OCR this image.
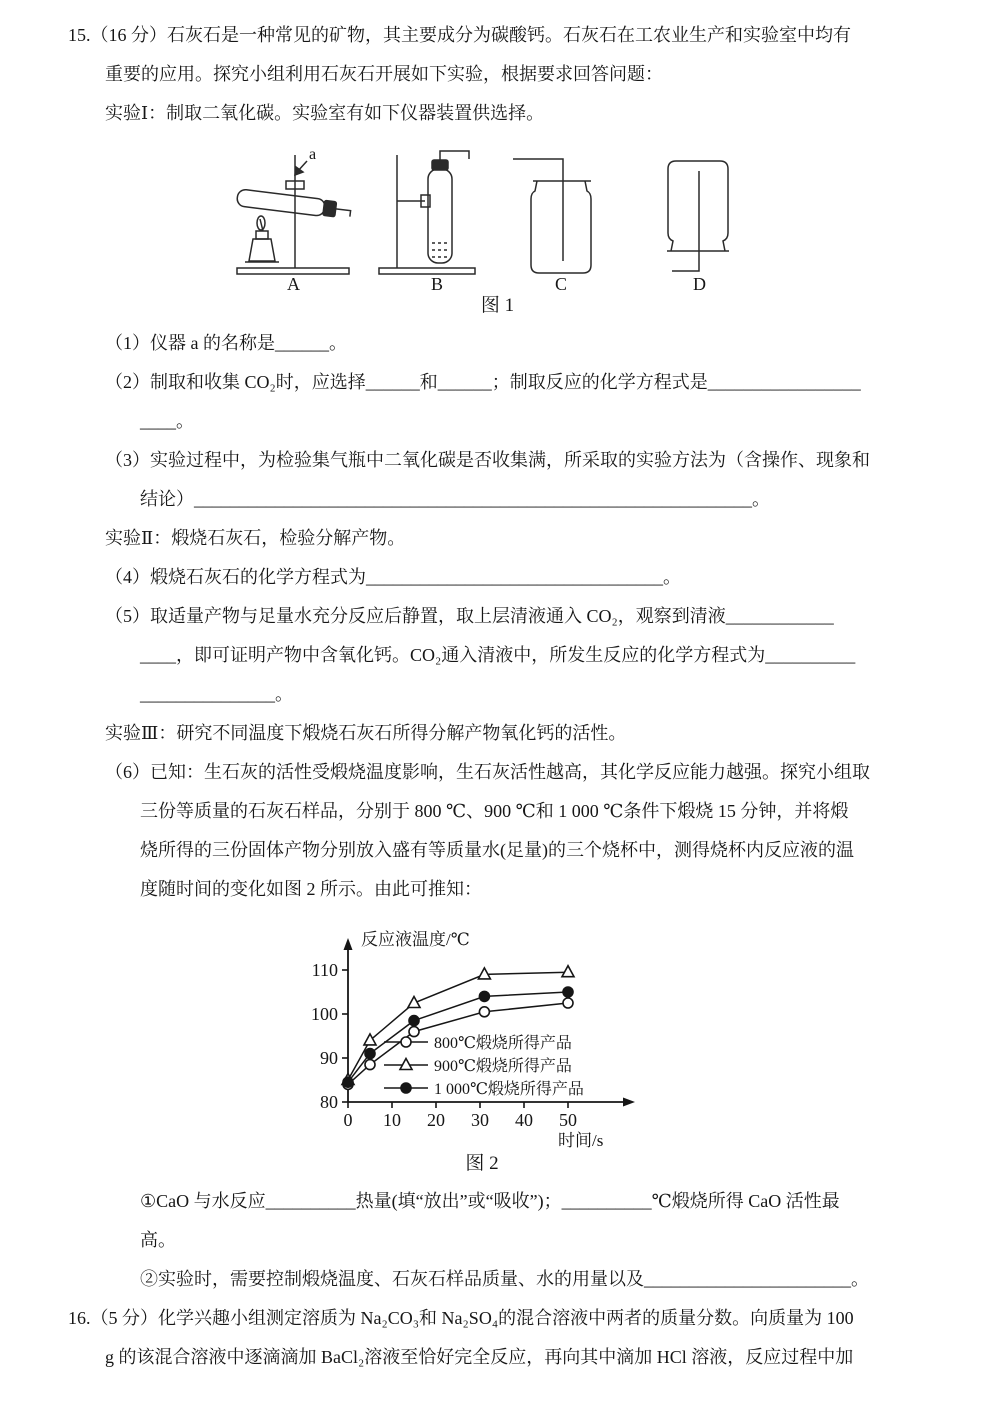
15.（16 分）石灰石是一种常见的矿物，其主要成分为碳酸钙。石灰石在工农业生产和实验室中均有
重要的应用。探究小组利用石灰石开展如下实验，根据要求回答问题：
实验Ⅰ：制取二氧化碳。实验室有如下仪器装置供选择。
a
A	B	C	D
图 1
（1）仪器 a 的名称是______。
（2）制取和收集 CO₂时，应选择______和______；制取反应的化学方程式是_________________
____。
（3）实验过程中，为检验集气瓶中二氧化碳是否收集满，所采取的实验方法为（含操作、现象和
结论）______________________________________________________________。
实验Ⅱ：煅烧石灰石，检验分解产物。
（4）煅烧石灰石的化学方程式为_________________________________。
（5）取适量产物与足量水充分反应后静置，取上层清液通入 CO₂，观察到清液____________
____，即可证明产物中含氧化钙。CO₂通入清液中，所发生反应的化学方程式为__________
_______________。
实验Ⅲ：研究不同温度下煅烧石灰石所得分解产物氧化钙的活性。
（6）已知：生石灰的活性受煅烧温度影响，生石灰活性越高，其化学反应能力越强。探究小组取
三份等质量的石灰石样品，分别于 800 ℃、900 ℃和 1 000 ℃条件下煅烧 15 分钟，并将煅
烧所得的三份固体产物分别放入盛有等质量水(足量)的三个烧杯中，测得烧杯内反应液的温
度随时间的变化如图 2 所示。由此可推知：
80
90
100
110
0 10 20 30 40 50
反应液温度/℃
时间/s
800℃煅烧所得产品
900℃煅烧所得产品
1 000℃煅烧所得产品
图 2
①CaO 与水反应__________热量(填“放出”或“吸收”)；__________℃煅烧所得 CaO 活性最
高。
②实验时，需要控制煅烧温度、石灰石样品质量、水的用量以及_______________________。
16.（5 分）化学兴趣小组测定溶质为 Na₂CO₃和 Na₂SO₄的混合溶液中两者的质量分数。向质量为 100
g 的该混合溶液中逐滴滴加 BaCl₂溶液至恰好完全反应，再向其中滴加 HCl 溶液，反应过程中加
